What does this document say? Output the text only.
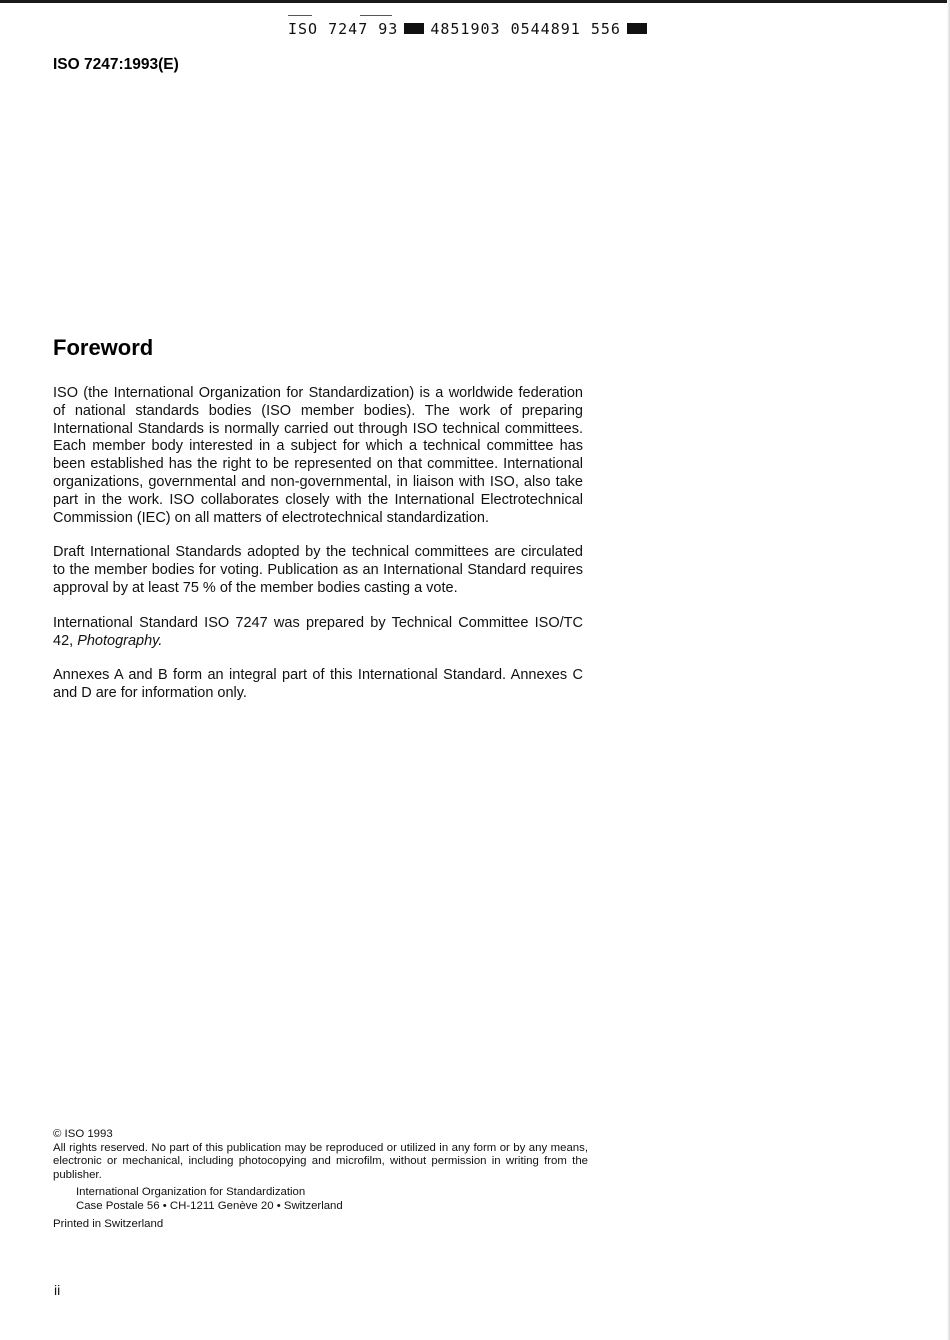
ISO 7247 93 4851903 0544891 556
ISO 7247:1993(E)
Foreword

ISO (the International Organization for Standardization) is a worldwide federation of national standards bodies (ISO member bodies). The work of preparing International Standards is normally carried out through ISO technical committees. Each member body interested in a subject for which a technical committee has been established has the right to be represented on that committee. International organizations, governmental and non-governmental, in liaison with ISO, also take part in the work. ISO collaborates closely with the International Electrotechnical Commission (IEC) on all matters of electrotechnical standardization.

Draft International Standards adopted by the technical committees are circulated to the member bodies for voting. Publication as an International Standard requires approval by at least 75 % of the member bodies casting a vote.

International Standard ISO 7247 was prepared by Technical Committee ISO/TC 42, Photography.

Annexes A and B form an integral part of this International Standard. Annexes C and D are for information only.

© ISO 1993
All rights reserved. No part of this publication may be reproduced or utilized in any form or by any means, electronic or mechanical, including photocopying and microfilm, without permission in writing from the publisher.
International Organization for Standardization
Case Postale 56 • CH-1211 Genève 20 • Switzerland
Printed in Switzerland
ii
